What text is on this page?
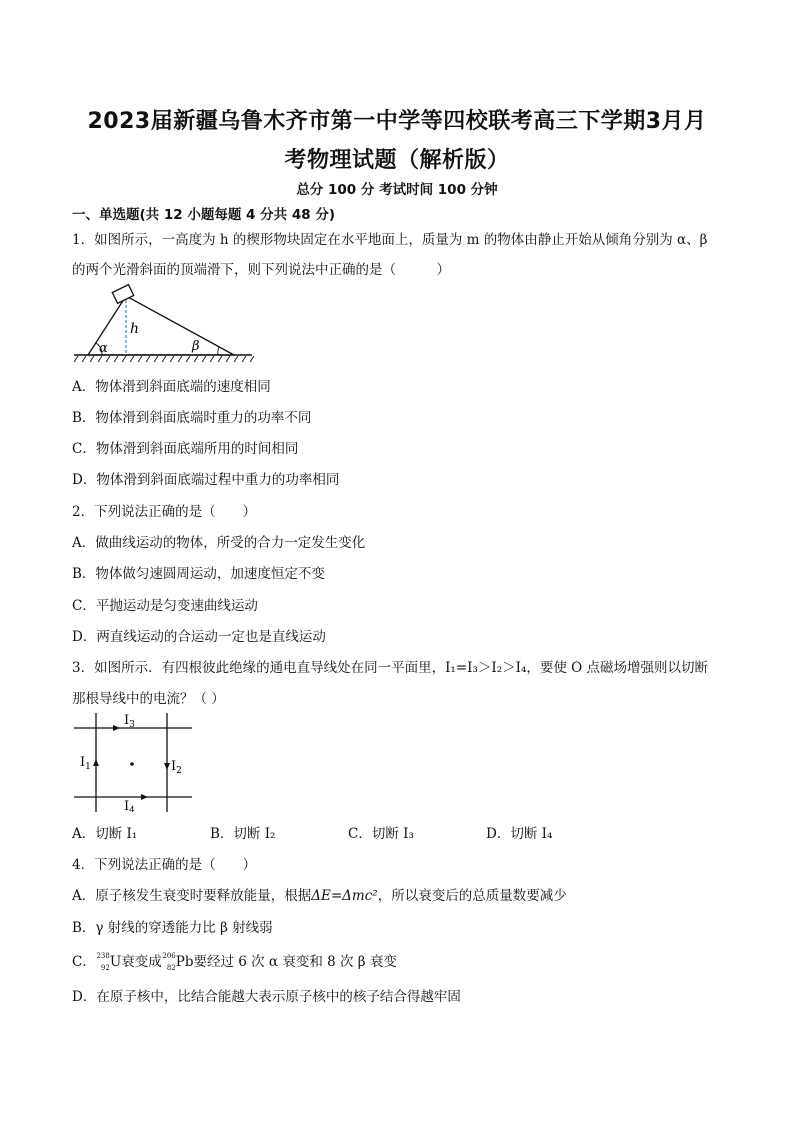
2023届新疆乌鲁木齐市第一中学等四校联考高三下学期3月月
考物理试题（解析版）
总分 100 分 考试时间 100 分钟
一、单选题(共 12 小题每题 4 分共 48 分)
1．如图所示，一高度为 h 的楔形物块固定在水平地面上，质量为 m 的物体由静止开始从倾角分别为 α、β
的两个光滑斜面的顶端滑下，则下列说法中正确的是（　　　）
h
α	β
A．物体滑到斜面底端的速度相同
B．物体滑到斜面底端时重力的功率不同
C．物体滑到斜面底端所用的时间相同
D．物体滑到斜面底端过程中重力的功率相同
2．下列说法正确的是（　　）
A．做曲线运动的物体，所受的合力一定发生变化
B．物体做匀速圆周运动，加速度恒定不变
C．平抛运动是匀变速曲线运动
D．两直线运动的合运动一定也是直线运动
3．如图所示．有四根彼此绝缘的通电直导线处在同一平面里，I₁=I₃＞I₂＞I₄，要使 O 点磁场增强则以切断
那根导线中的电流？（ ）
$I_3$
$I_1$	$I_2$
$I_4$
A．切断 I₁	B．切断 I₂	C．切断 I₃	D．切断 I₄
4．下列说法正确的是（　　）
A．原子核发生衰变时要释放能量，根据ΔE=Δmc²，所以衰变后的总质量数要减少
B．γ 射线的穿透能力比 β 射线弱
C． 238
92 U衰变成 206
82 Pb要经过 6 次 α 衰变和 8 次 β 衰变
D．在原子核中，比结合能越大表示原子核中的核子结合得越牢固
